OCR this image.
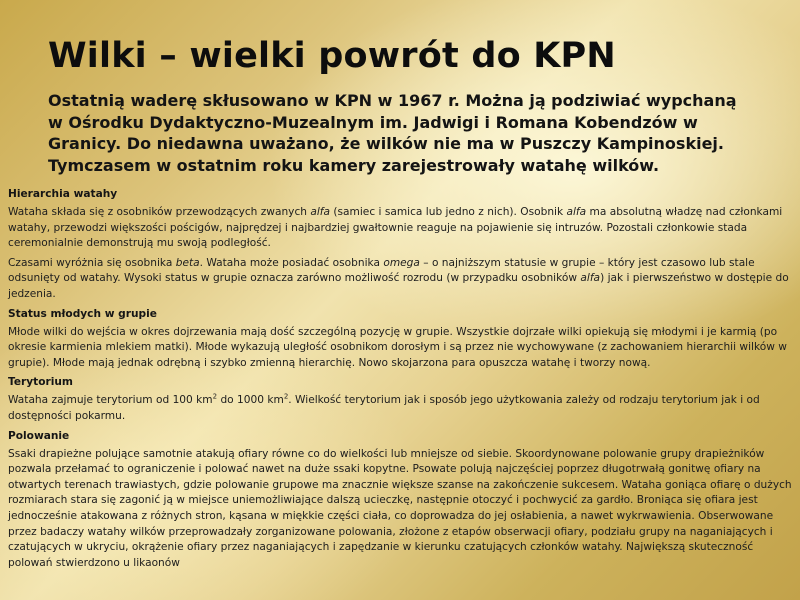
Wilki – wielki powrót do KPN

Ostatnią waderę skłusowano w KPN w 1967 r. Można ją podziwiać wypchaną w Ośrodku Dydaktyczno-Muzealnym im. Jadwigi i Romana Kobendzów w Granicy. Do niedawna uważano, że wilków nie ma w Puszczy Kampinoskiej. Tymczasem w ostatnim roku kamery zarejestrowały watahę wilków.

Hierarchia watahy

Wataha składa się z osobników przewodzących zwanych alfa (samiec i samica lub jedno z nich). Osobnik alfa ma absolutną władzę nad członkami watahy, przewodzi większości pościgów, najprędzej i najbardziej gwałtownie reaguje na pojawienie się intruzów. Pozostali członkowie stada ceremonialnie demonstrują mu swoją podległość.

Czasami wyróżnia się osobnika beta. Wataha może posiadać osobnika omega – o najniższym statusie w grupie – który jest czasowo lub stale odsunięty od watahy. Wysoki status w grupie oznacza zarówno możliwość rozrodu (w przypadku osobników alfa) jak i pierwszeństwo w dostępie do jedzenia.

Status młodych w grupie

Młode wilki do wejścia w okres dojrzewania mają dość szczególną pozycję w grupie. Wszystkie dojrzałe wilki opiekują się młodymi i je karmią (po okresie karmienia mlekiem matki). Młode wykazują uległość osobnikom dorosłym i są przez nie wychowywane (z zachowaniem hierarchii wilków w grupie). Młode mają jednak odrębną i szybko zmienną hierarchię. Nowo skojarzona para opuszcza watahę i tworzy nową.

Terytorium

Wataha zajmuje terytorium od 100 $km^2$ do 1000 $km^2$. Wielkość terytorium jak i sposób jego użytkowania zależy od rodzaju terytorium jak i od dostępności pokarmu.

Polowanie

Ssaki drapieżne polujące samotnie atakują ofiary równe co do wielkości lub mniejsze od siebie. Skoordynowane polowanie grupy drapieżników pozwala przełamać to ograniczenie i polować nawet na duże ssaki kopytne. Psowate polują najczęściej poprzez długotrwałą gonitwę ofiary na otwartych terenach trawiastych, gdzie polowanie grupowe ma znacznie większe szanse na zakończenie sukcesem. Wataha goniąca ofiarę o dużych rozmiarach stara się zagonić ją w miejsce uniemożliwiające dalszą ucieczkę, następnie otoczyć i pochwycić za gardło. Broniąca się ofiara jest jednocześnie atakowana z różnych stron, kąsana w miękkie części ciała, co doprowadza do jej osłabienia, a nawet wykrwawienia. Obserwowane przez badaczy watahy wilków przeprowadzały zorganizowane polowania, złożone z etapów obserwacji ofiary, podziału grupy na naganiających i czatujących w ukryciu, okrążenie ofiary przez naganiających i zapędzanie w kierunku czatujących członków watahy. Największą skuteczność polowań stwierdzono u likaonów
